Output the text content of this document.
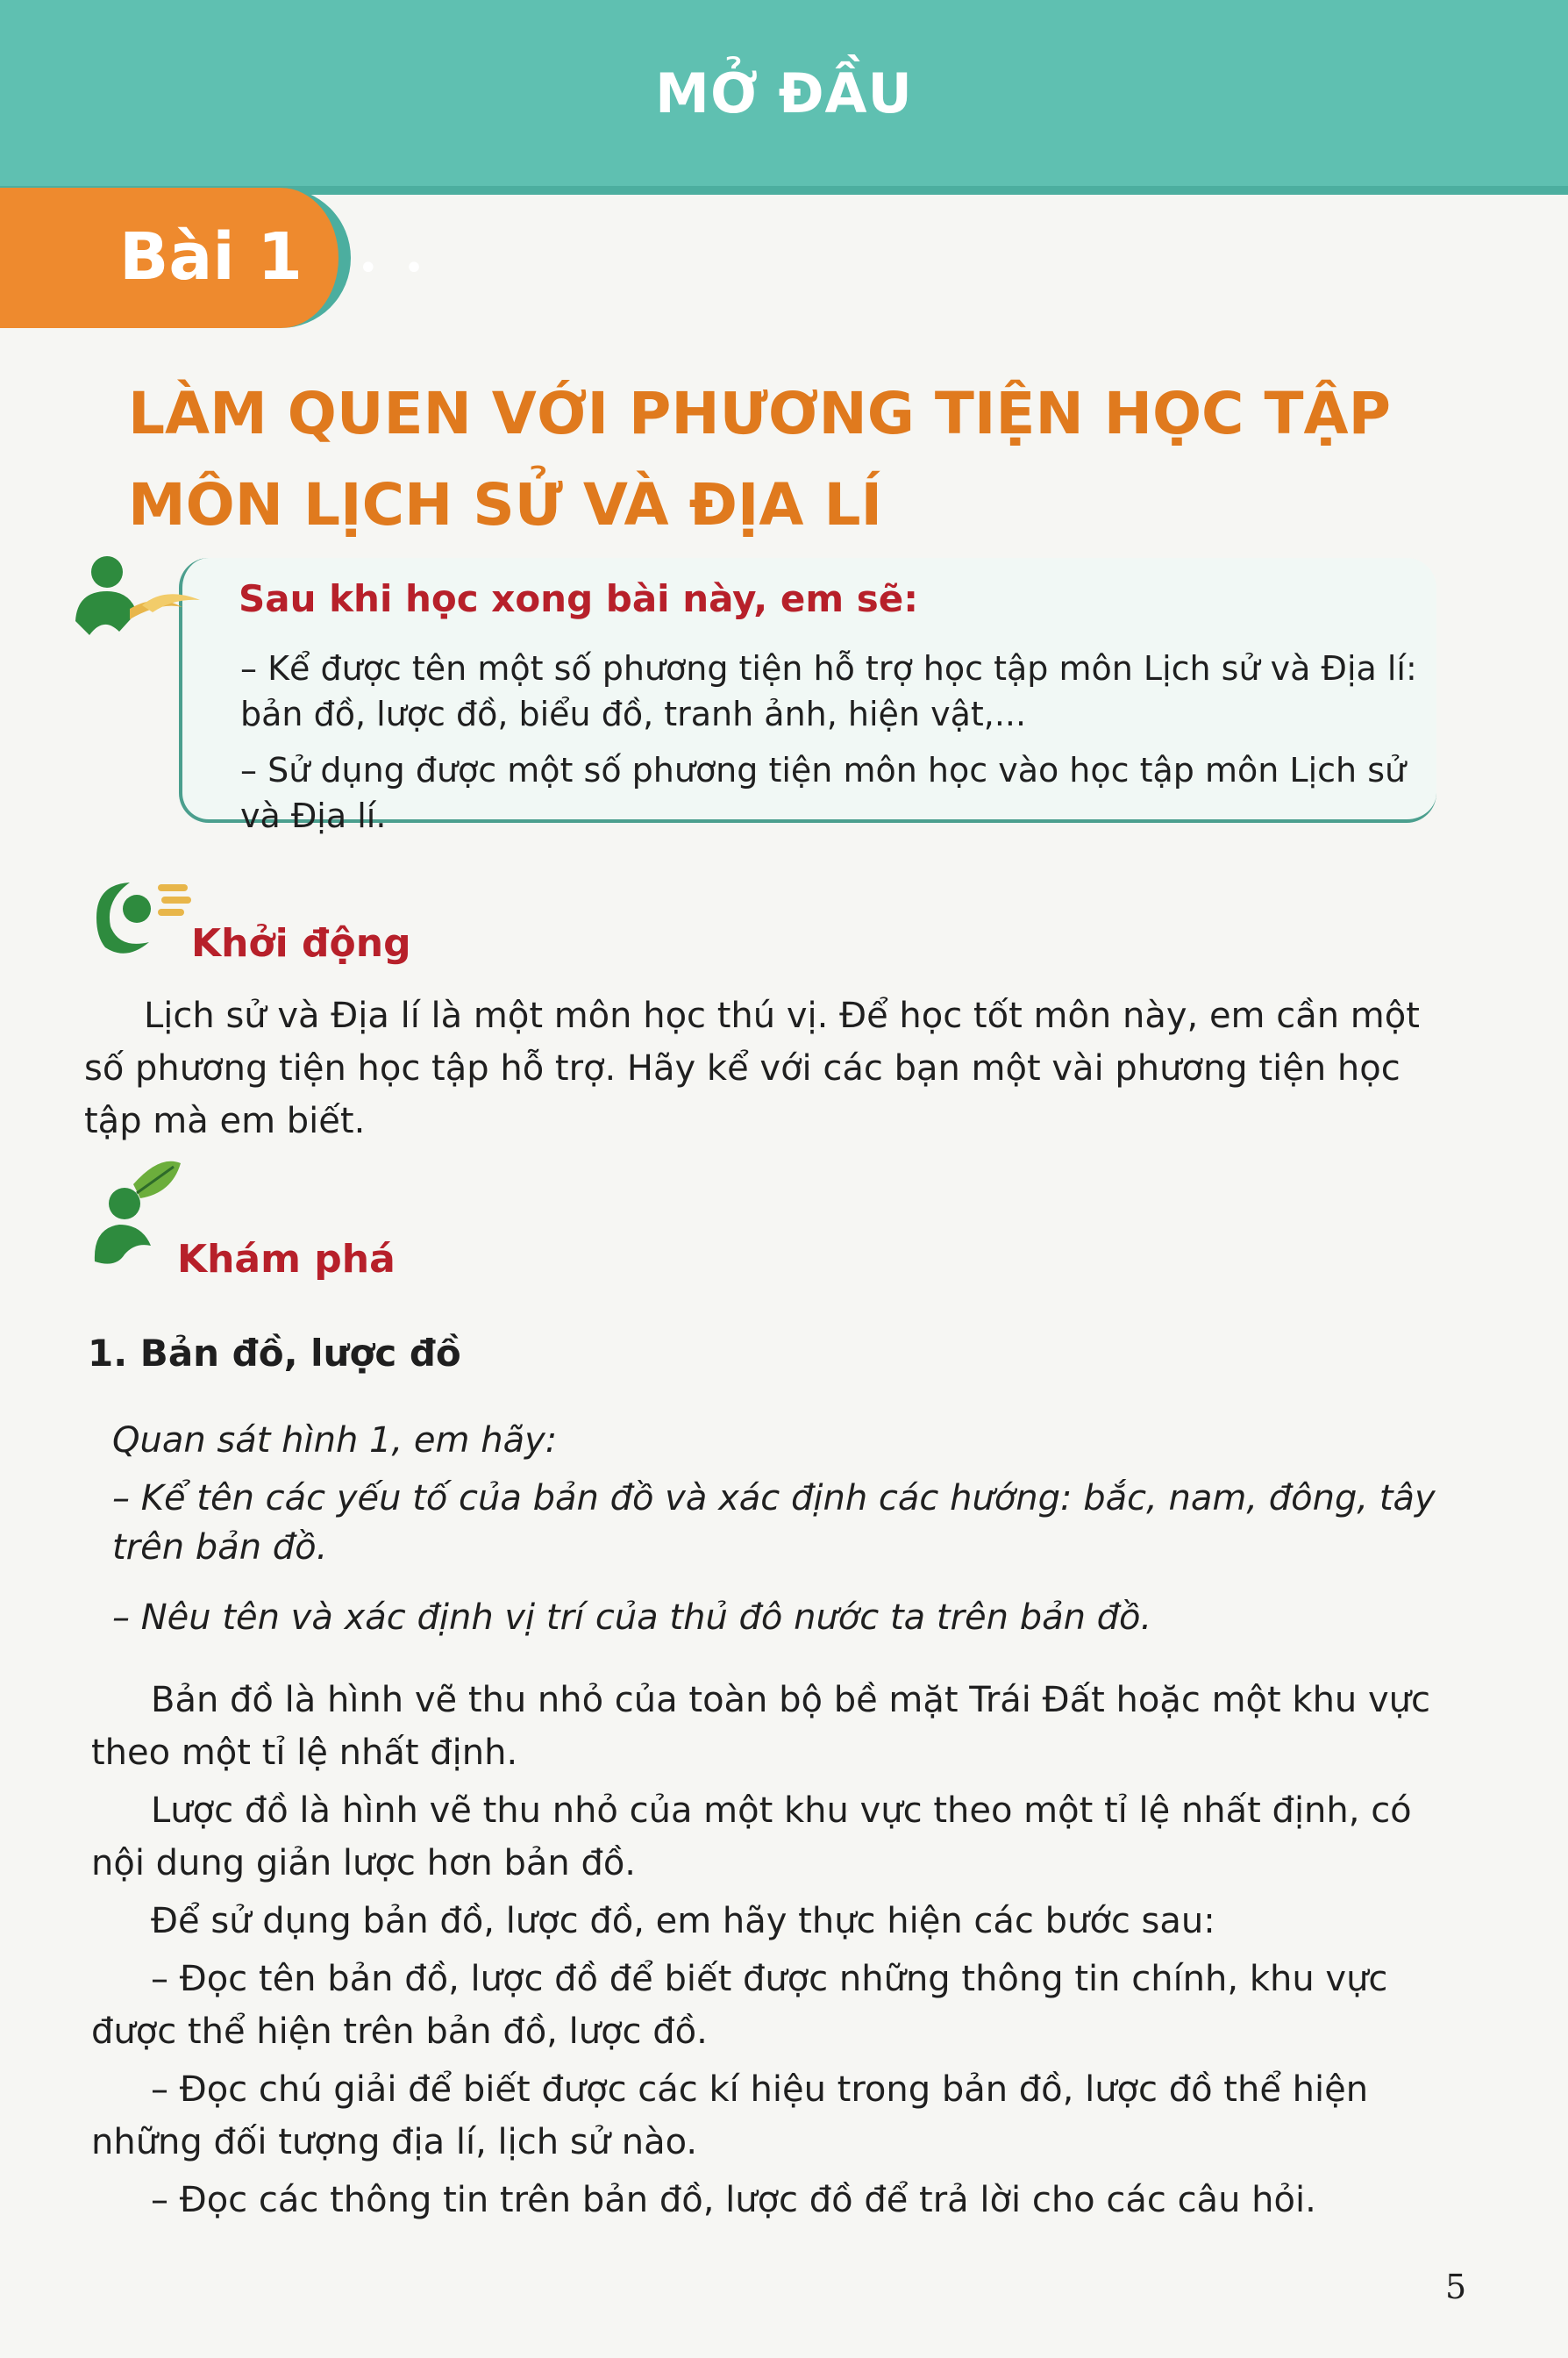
MỞ ĐẦU
Bài 1 • •
LÀM QUEN VỚI PHƯƠNG TIỆN HỌC TẬP
MÔN LỊCH SỬ VÀ ĐỊA LÍ
Sau khi học xong bài này, em sẽ:
– Kể được tên một số phương tiện hỗ trợ học tập môn Lịch sử và Địa lí: bản đồ, lược đồ, biểu đồ, tranh ảnh, hiện vật,...
– Sử dụng được một số phương tiện môn học vào học tập môn Lịch sử và Địa lí.
Khởi động
Lịch sử và Địa lí là một môn học thú vị. Để học tốt môn này, em cần một số phương tiện học tập hỗ trợ. Hãy kể với các bạn một vài phương tiện học tập mà em biết.
Khám phá
1. Bản đồ, lược đồ
Quan sát hình 1, em hãy:
– Kể tên các yếu tố của bản đồ và xác định các hướng: bắc, nam, đông, tây trên bản đồ.
– Nêu tên và xác định vị trí của thủ đô nước ta trên bản đồ.
Bản đồ là hình vẽ thu nhỏ của toàn bộ bề mặt Trái Đất hoặc một khu vực theo một tỉ lệ nhất định.
Lược đồ là hình vẽ thu nhỏ của một khu vực theo một tỉ lệ nhất định, có nội dung giản lược hơn bản đồ.
Để sử dụng bản đồ, lược đồ, em hãy thực hiện các bước sau:
– Đọc tên bản đồ, lược đồ để biết được những thông tin chính, khu vực được thể hiện trên bản đồ, lược đồ.
– Đọc chú giải để biết được các kí hiệu trong bản đồ, lược đồ thể hiện những đối tượng địa lí, lịch sử nào.
– Đọc các thông tin trên bản đồ, lược đồ để trả lời cho các câu hỏi.
5
